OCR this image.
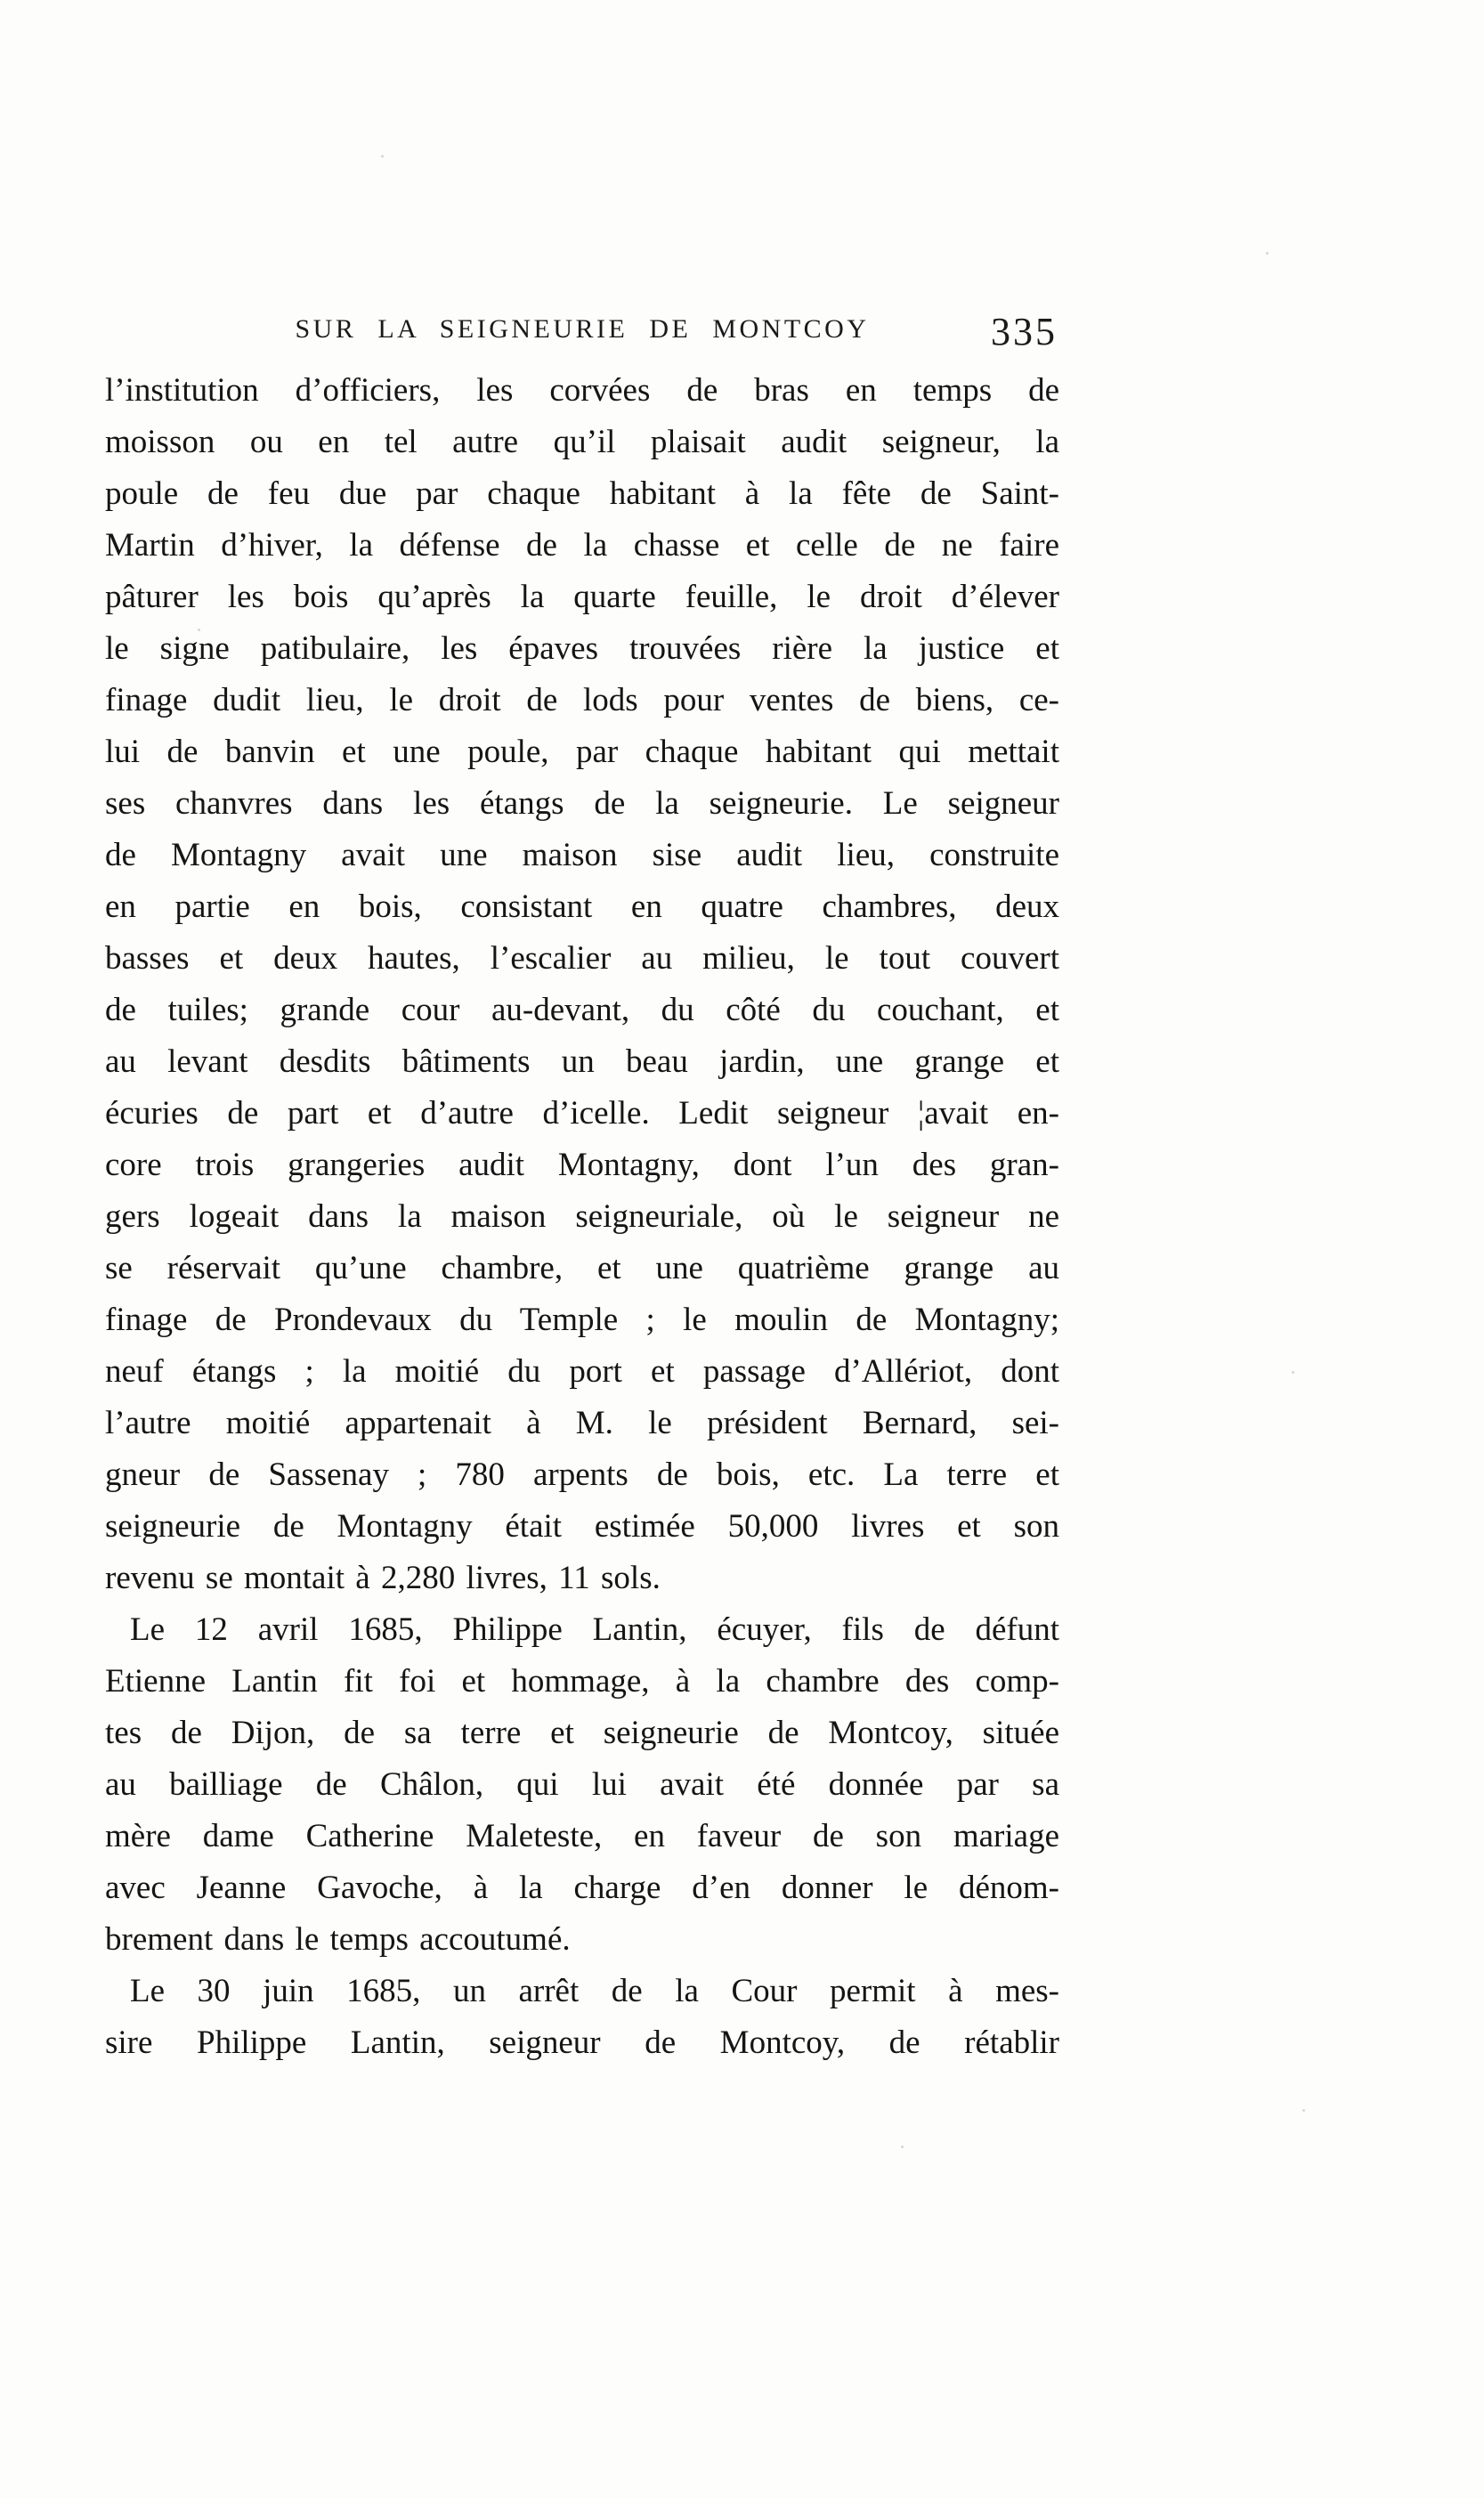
SUR LA SEIGNEURIE DE MONTCOY	335
l’institution d’officiers, les corvées de bras en temps de
moisson ou en tel autre qu’il plaisait audit seigneur, la
poule de feu due par chaque habitant à la fête de Saint-
Martin d’hiver, la défense de la chasse et celle de ne faire
pâturer les bois qu’après la quarte feuille, le droit d’élever
le signe patibulaire, les épaves trouvées rière la justice et
finage dudit lieu, le droit de lods pour ventes de biens, ce-
lui de banvin et une poule, par chaque habitant qui mettait
ses chanvres dans les étangs de la seigneurie. Le seigneur
de Montagny avait une maison sise audit lieu, construite
en partie en bois, consistant en quatre chambres, deux
basses et deux hautes, l’escalier au milieu, le tout couvert
de tuiles; grande cour au-devant, du côté du couchant, et
au levant desdits bâtiments un beau jardin, une grange et
écuries de part et d’autre d’icelle. Ledit seigneur ¦avait en-
core trois grangeries audit Montagny, dont l’un des gran-
gers logeait dans la maison seigneuriale, où le seigneur ne
se réservait qu’une chambre, et une quatrième grange au
finage de Prondevaux du Temple ; le moulin de Montagny;
neuf étangs ; la moitié du port et passage d’Allériot, dont
l’autre moitié appartenait à M. le président Bernard, sei-
gneur de Sassenay ; 780 arpents de bois, etc. La terre et
seigneurie de Montagny était estimée 50,000 livres et son
revenu se montait à 2,280 livres, 11 sols.
Le 12 avril 1685, Philippe Lantin, écuyer, fils de défunt
Etienne Lantin fit foi et hommage, à la chambre des comp-
tes de Dijon, de sa terre et seigneurie de Montcoy, située
au bailliage de Châlon, qui lui avait été donnée par sa
mère dame Catherine Maleteste, en faveur de son mariage
avec Jeanne Gavoche, à la charge d’en donner le dénom-
brement dans le temps accoutumé.
Le 30 juin 1685, un arrêt de la Cour permit à mes-
sire Philippe Lantin, seigneur de Montcoy, de rétablir
